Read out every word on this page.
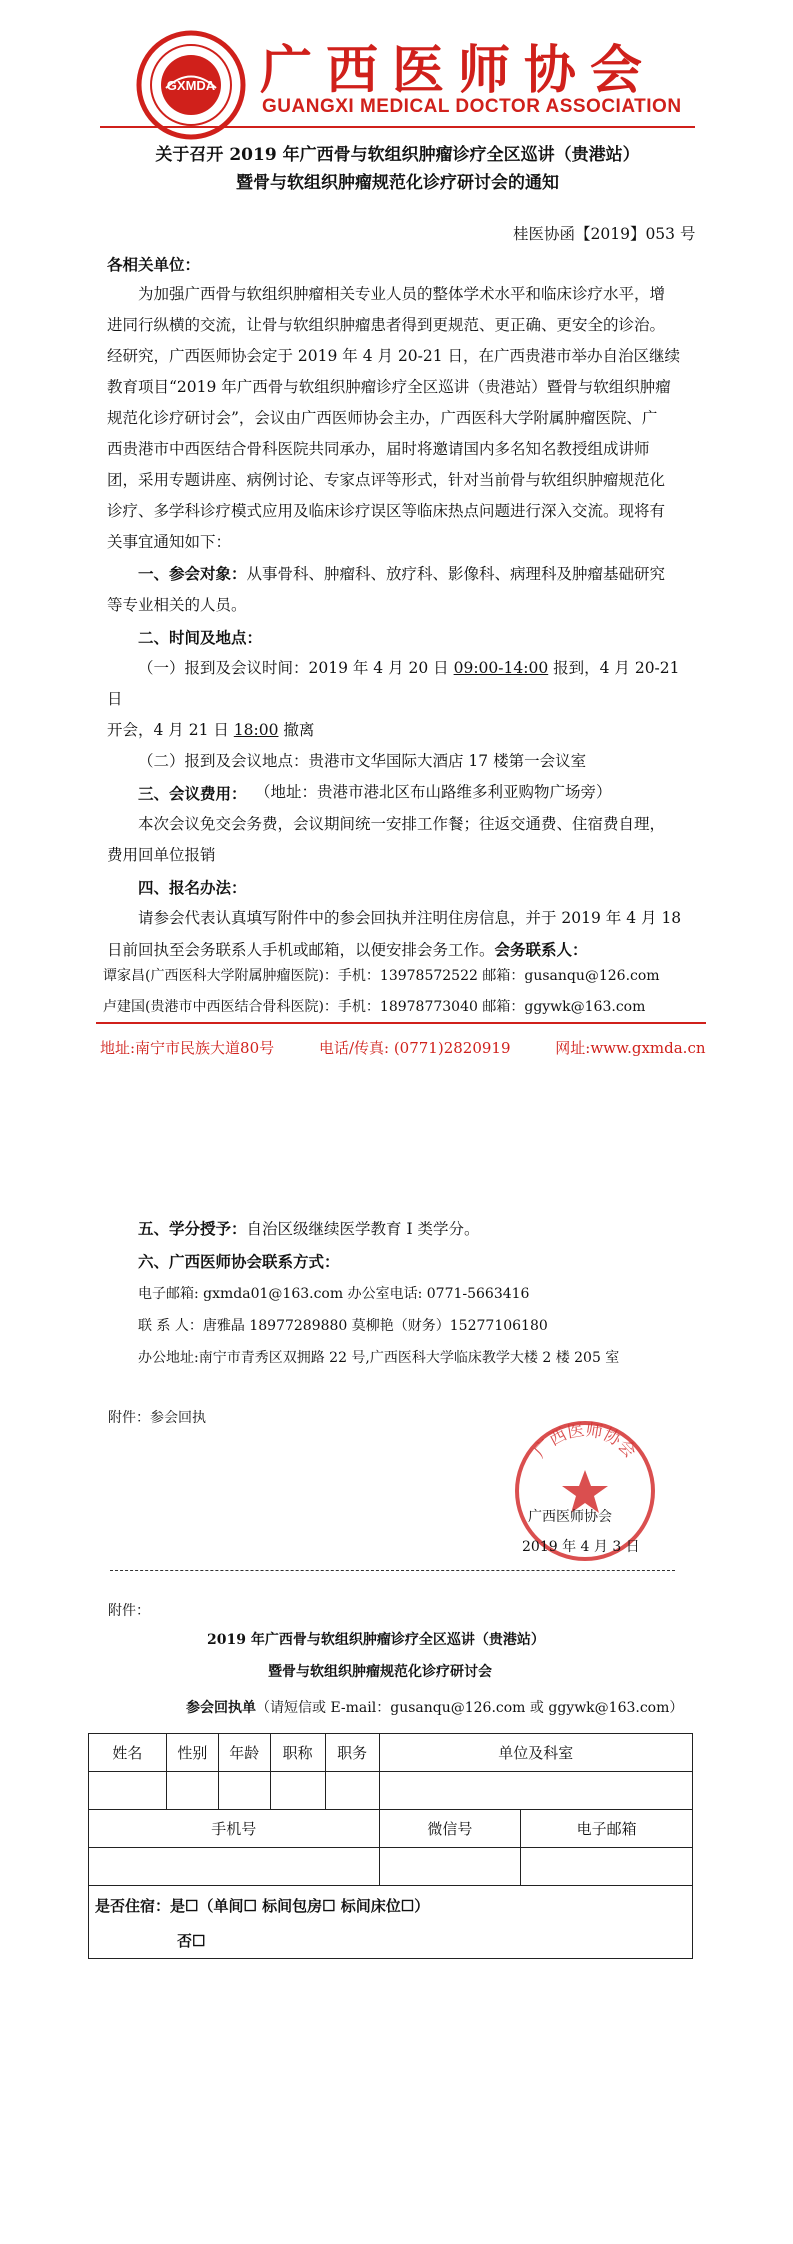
GXMDA 广西医师协会
GUANGXI MEDICAL DOCTOR ASSOCIATION
关于召开 2019 年广西骨与软组织肿瘤诊疗全区巡讲（贵港站）
暨骨与软组织肿瘤规范化诊疗研讨会的通知
桂医协函【2019】053 号
各相关单位：
为加强广西骨与软组织肿瘤相关专业人员的整体学术水平和临床诊疗水平，增
进同行纵横的交流，让骨与软组织肿瘤患者得到更规范、更正确、更安全的诊治。
经研究，广西医师协会定于 2019 年 4 月 20-21 日，在广西贵港市举办自治区继续
教育项目“2019 年广西骨与软组织肿瘤诊疗全区巡讲（贵港站）暨骨与软组织肿瘤
规范化诊疗研讨会”，会议由广西医师协会主办，广西医科大学附属肿瘤医院、广
西贵港市中西医结合骨科医院共同承办，届时将邀请国内多名知名教授组成讲师
团，采用专题讲座、病例讨论、专家点评等形式，针对当前骨与软组织肿瘤规范化
诊疗、多学科诊疗模式应用及临床诊疗误区等临床热点问题进行深入交流。现将有
关事宜通知如下：
一、参会对象：从事骨科、肿瘤科、放疗科、影像科、病理科及肿瘤基础研究
等专业相关的人员。
二、时间及地点：
（一）报到及会议时间：2019 年 4 月 20 日 09:00-14:00 报到，4 月 20-21 日
开会，4 月 21 日 18:00 撤离
（二）报到及会议地点：贵港市文华国际大酒店 17 楼第一会议室
（地址：贵港市港北区布山路维多利亚购物广场旁）
三、会议费用：
本次会议免交会务费，会议期间统一安排工作餐；往返交通费、住宿费自理，
费用回单位报销
四、报名办法：
请参会代表认真填写附件中的参会回执并注明住房信息，并于 2019 年 4 月 18
日前回执至会务联系人手机或邮箱，以便安排会务工作。会务联系人：
谭家昌(广西医科大学附属肿瘤医院)：手机：13978572522 邮箱：gusanqu@126.com
卢建国(贵港市中西医结合骨科医院)：手机：18978773040 邮箱：ggywk@163.com
地址:南宁市民族大道80号	电话/传真: (0771)2820919	网址:www.gxmda.cn
五、学分授予：自治区级继续医学教育 I 类学分。
六、广西医师协会联系方式：
电子邮箱: gxmda01@163.com 办公室电话: 0771-5663416
联 系 人：唐雅晶 18977289880 莫柳艳（财务）15277106180
办公地址:南宁市青秀区双拥路 22 号,广西医科大学临床教学大楼 2 楼 205 室
附件：参会回执
广西医师协会
广西医师协会
2019 年 4 月 3 日
附件：
2019 年广西骨与软组织肿瘤诊疗全区巡讲（贵港站）
暨骨与软组织肿瘤规范化诊疗研讨会
参会回执单（请短信或 E-mail：gusanqu@126.com 或 ggywk@163.com）
姓名	性别	年龄	职称	职务	单位及科室	

手机号					微信号	电子邮箱

是否住宿：是☐（单间☐ 标间包房☐ 标间床位☐）
否☐						
